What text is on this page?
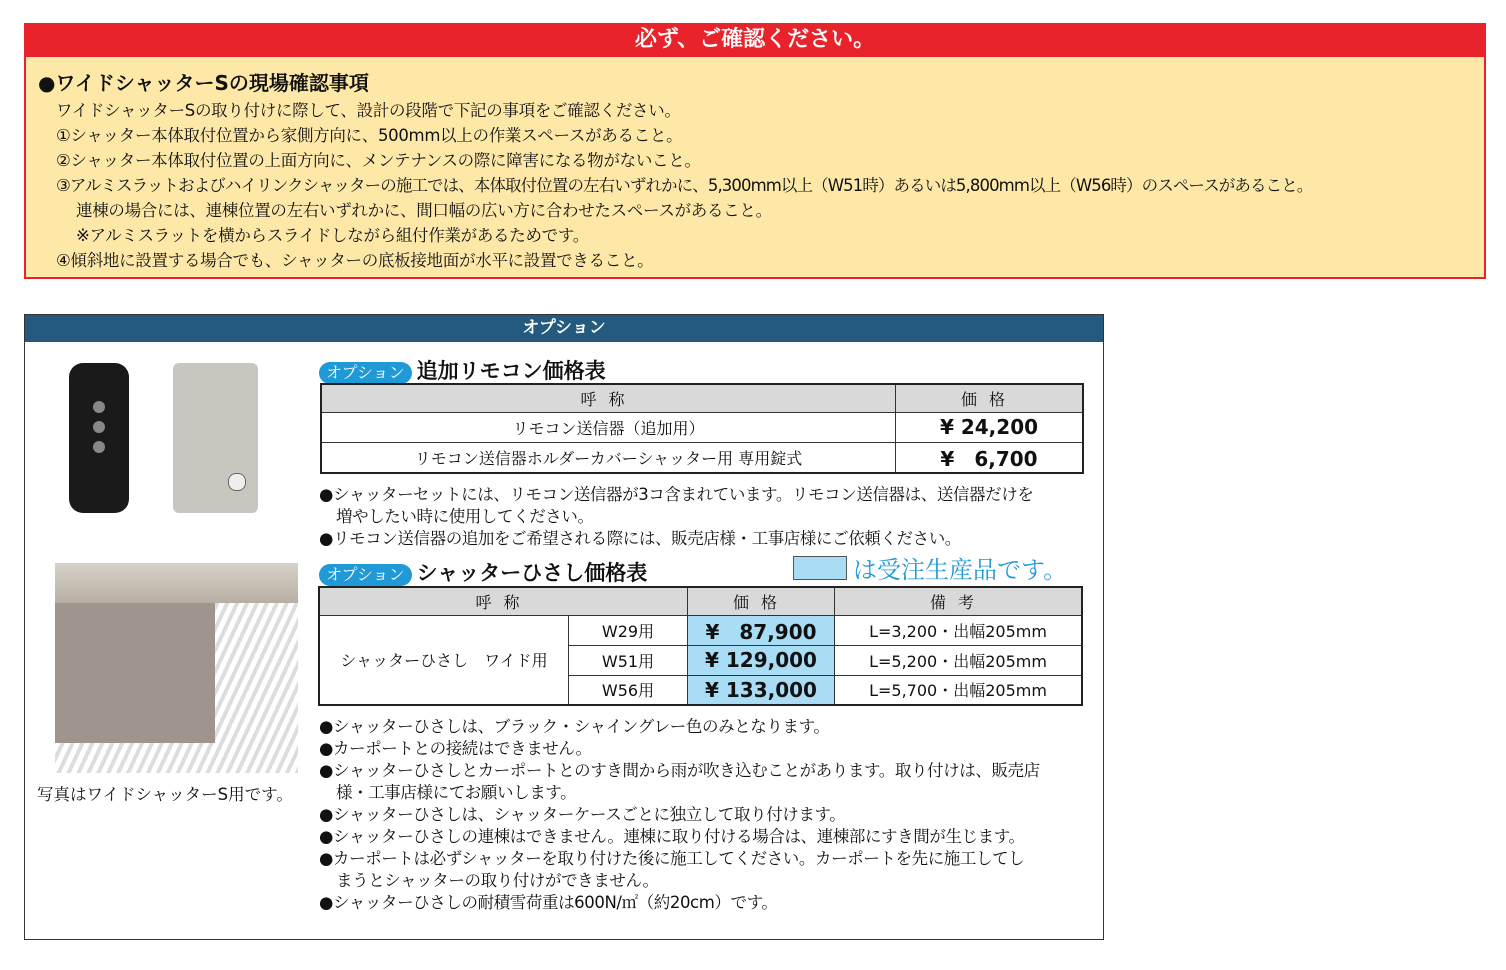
必ず、ご確認ください。
●ワイドシャッターSの現場確認事項
ワイドシャッターSの取り付けに際して、設計の段階で下記の事項をご確認ください。
①シャッター本体取付位置から家側方向に、500mm以上の作業スペースがあること。
②シャッター本体取付位置の上面方向に、メンテナンスの際に障害になる物がないこと。
③アルミスラットおよびハイリンクシャッターの施工では、本体取付位置の左右いずれかに、5,300mm以上（W51時）あるいは5,800mm以上（W56時）のスペースがあること。
連棟の場合には、連棟位置の左右いずれかに、間口幅の広い方に合わせたスペースがあること。
※アルミスラットを横からスライドしながら組付作業があるためです。
④傾斜地に設置する場合でも、シャッターの底板接地面が水平に設置できること。
オプション
写真はワイドシャッターS用です。
オプション 追加リモコン価格表
呼称	価格
リモコン送信器（追加用）	¥ 24,200
リモコン送信器ホルダーカバーシャッター用 専用錠式	¥　6,700
●シャッターセットには、リモコン送信器が3コ含まれています。リモコン送信器は、送信器だけを
増やしたい時に使用してください。
●リモコン送信器の追加をご希望される際には、販売店様・工事店様にご依頼ください。
オプション シャッターひさし価格表	は受注生産品です。
呼称		価格	備考
シャッターひさし　ワイド用	W29用	¥　87,900	L=3,200・出幅205mm
	W51用	¥ 129,000	L=5,200・出幅205mm
	W56用	¥ 133,000	L=5,700・出幅205mm
●シャッターひさしは、ブラック・シャイングレー色のみとなります。
●カーポートとの接続はできません。
●シャッターひさしとカーポートとのすき間から雨が吹き込むことがあります。取り付けは、販売店
様・工事店様にてお願いします。
●シャッターひさしは、シャッターケースごとに独立して取り付けます。
●シャッターひさしの連棟はできません。連棟に取り付ける場合は、連棟部にすき間が生じます。
●カーポートは必ずシャッターを取り付けた後に施工してください。カーポートを先に施工してし
まうとシャッターの取り付けができません。
●シャッターひさしの耐積雪荷重は600N/㎡（約20cm）です。
